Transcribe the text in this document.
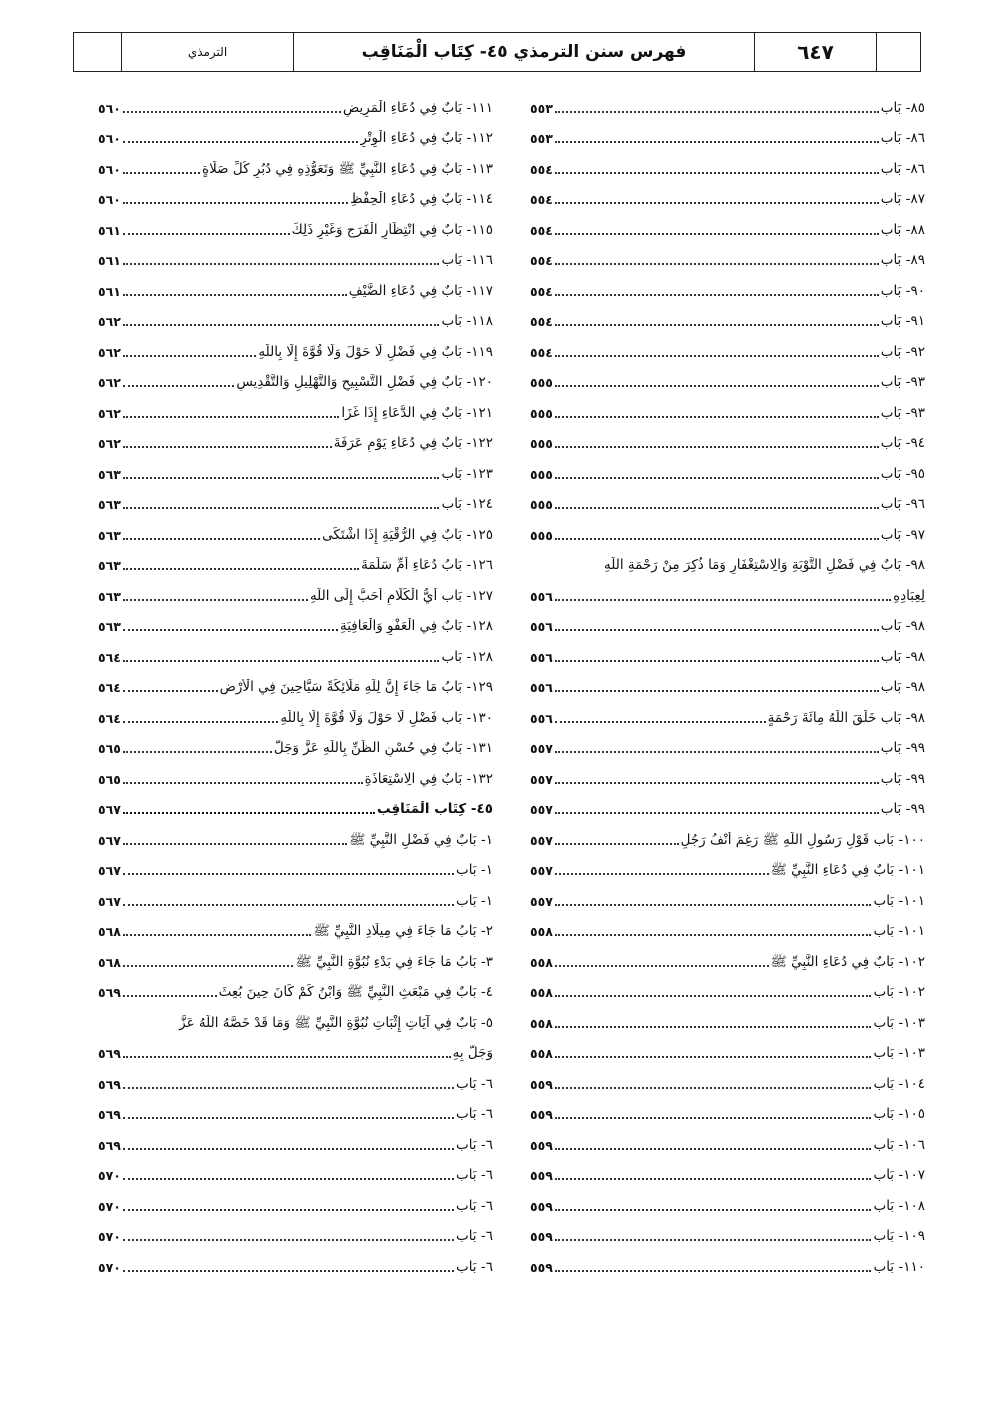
الترمذي	فهرس سنن الترمذي ٤٥- كِتَاب الْمَنَاقِب	٦٤٧
٨٥- بَاب
٥٥٣
٨٦- بَاب
٥٥٣
٨٦- بَاب
٥٥٤
٨٧- بَاب
٥٥٤
٨٨- بَاب
٥٥٤
٨٩- بَاب
٥٥٤
٩٠- بَاب
٥٥٤
٩١- بَاب
٥٥٤
٩٢- بَاب
٥٥٤
٩٣- بَاب
٥٥٥
٩٣- بَاب
٥٥٥
٩٤- بَاب
٥٥٥
٩٥- بَاب
٥٥٥
٩٦- بَاب
٥٥٥
٩٧- بَاب
٥٥٥
٩٨- بَابٌ فِي فَضْلِ التَّوْبَةِ وَالِاسْتِغْفَارِ وَمَا ذُكِرَ مِنْ رَحْمَةِ اللَّهِ
لِعِبَادِهِ
٥٥٦
٩٨- بَاب
٥٥٦
٩٨- بَاب
٥٥٦
٩٨- بَاب
٥٥٦
٩٨- بَاب خَلَقَ اللَّهُ مِائَةَ رَحْمَةٍ
٥٥٦
٩٩- بَاب
٥٥٧
٩٩- بَاب
٥٥٧
٩٩- بَاب
٥٥٧
١٠٠- بَاب قَوْلِ رَسُولِ اللَّهِ ﷺ رَغِمَ أَنْفُ رَجُلٍ
٥٥٧
١٠١- بَابٌ فِي دُعَاءِ النَّبِيِّ ﷺ
٥٥٧
١٠١- بَاب
٥٥٧
١٠١- بَاب
٥٥٨
١٠٢- بَابٌ فِي دُعَاءِ النَّبِيِّ ﷺ
٥٥٨
١٠٢- بَاب
٥٥٨
١٠٣- بَاب
٥٥٨
١٠٣- بَاب
٥٥٨
١٠٤- بَاب
٥٥٩
١٠٥- بَاب
٥٥٩
١٠٦- بَاب
٥٥٩
١٠٧- بَاب
٥٥٩
١٠٨- بَاب
٥٥٩
١٠٩- بَاب
٥٥٩
١١٠- بَاب
٥٥٩
١١١- بَابٌ فِي دُعَاءِ الْمَرِيضِ
٥٦٠
١١٢- بَابٌ فِي دُعَاءِ الْوِتْرِ
٥٦٠
١١٣- بَابٌ فِي دُعَاءِ النَّبِيِّ ﷺ وَتَعَوُّذِهِ فِي دُبُرِ كُلِّ صَلَاةٍ
٥٦٠
١١٤- بَابٌ فِي دُعَاءِ الْحِفْظِ
٥٦٠
١١٥- بَابٌ فِي انْتِظَارِ الْفَرَجِ وَغَيْرِ ذَلِكَ
٥٦١
١١٦- بَاب
٥٦١
١١٧- بَابٌ فِي دُعَاءِ الضَّيْفِ
٥٦١
١١٨- بَاب
٥٦٢
١١٩- بَابٌ فِي فَضْلِ لَا حَوْلَ وَلَا قُوَّةَ إِلَّا بِاللَّهِ
٥٦٢
١٢٠- بَابٌ فِي فَضْلِ التَّسْبِيحِ وَالتَّهْلِيلِ وَالتَّقْدِيسِ
٥٦٢
١٢١- بَابٌ فِي الدُّعَاءِ إِذَا غَزَا
٥٦٢
١٢٢- بَابٌ فِي دُعَاءِ يَوْمِ عَرَفَةَ
٥٦٢
١٢٣- بَاب
٥٦٣
١٢٤- بَاب
٥٦٣
١٢٥- بَابٌ فِي الرُّقْيَةِ إِذَا اشْتَكَى
٥٦٣
١٢٦- بَابُ دُعَاءِ أُمِّ سَلَمَةَ
٥٦٣
١٢٧- بَاب أَيُّ الْكَلَامِ أَحَبُّ إِلَى اللَّهِ
٥٦٣
١٢٨- بَابٌ فِي الْعَفْوِ وَالْعَافِيَةِ
٥٦٣
١٢٨- بَاب
٥٦٤
١٢٩- بَابُ مَا جَاءَ إِنَّ لِلَّهِ مَلَائِكَةً سَيَّاحِينَ فِي الْأَرْضِ
٥٦٤
١٣٠- بَاب فَضْلِ لَا حَوْلَ وَلَا قُوَّةَ إِلَّا بِاللَّهِ
٥٦٤
١٣١- بَابٌ فِي حُسْنِ الظَّنِّ بِاللَّهِ عَزَّ وَجَلَّ
٥٦٥
١٣٢- بَابٌ فِي الِاسْتِعَاذَةِ
٥٦٥
٤٥- كِتَاب الْمَنَاقِب
٥٦٧
١- بَابٌ فِي فَضْلِ النَّبِيِّ ﷺ
٥٦٧
١- بَاب
٥٦٧
١- بَاب
٥٦٧
٢- بَابُ مَا جَاءَ فِي مِيلَادِ النَّبِيِّ ﷺ
٥٦٨
٣- بَابُ مَا جَاءَ فِي بَدْءِ نُبُوَّةِ النَّبِيِّ ﷺ
٥٦٨
٤- بَابٌ فِي مَبْعَثِ النَّبِيِّ ﷺ وَابْنُ كَمْ كَانَ حِينَ بُعِثَ
٥٦٩
٥- بَابٌ فِي آيَاتِ إِثْبَاتِ نُبُوَّةِ النَّبِيِّ ﷺ وَمَا قَدْ خَصَّهُ اللَّهُ عَزَّ
وَجَلَّ بِهِ
٥٦٩
٦- بَاب
٥٦٩
٦- بَاب
٥٦٩
٦- بَاب
٥٦٩
٦- بَاب
٥٧٠
٦- بَاب
٥٧٠
٦- بَاب
٥٧٠
٦- بَاب
٥٧٠
